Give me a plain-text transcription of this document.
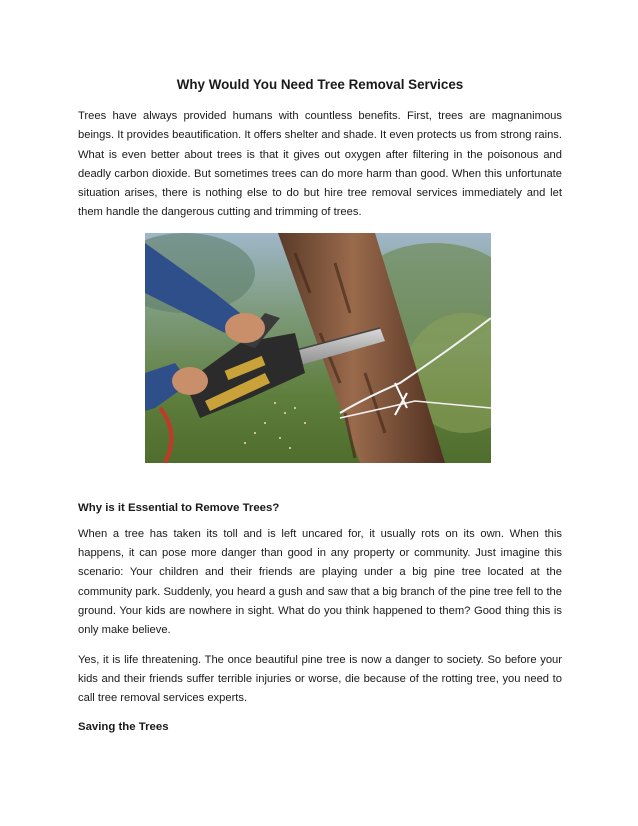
Why Would You Need Tree Removal Services

Trees have always provided humans with countless benefits. First, trees are magnanimous beings. It provides beautification. It offers shelter and shade. It even protects us from strong rains. What is even better about trees is that it gives out oxygen after filtering in the poisonous and deadly carbon dioxide. But sometimes trees can do more harm than good. When this unfortunate situation arises, there is nothing else to do but hire tree removal services immediately and let them handle the dangerous cutting and trimming of trees.

Why is it Essential to Remove Trees?

When a tree has taken its toll and is left uncared for, it usually rots on its own. When this happens, it can pose more danger than good in any property or community. Just imagine this scenario: Your children and their friends are playing under a big pine tree located at the community park. Suddenly, you heard a gush and saw that a big branch of the pine tree fell to the ground. Your kids are nowhere in sight. What do you think happened to them? Good thing this is only make believe.

Yes, it is life threatening. The once beautiful pine tree is now a danger to society. So before your kids and their friends suffer terrible injuries or worse, die because of the rotting tree, you need to call tree removal services experts.

Saving the Trees
